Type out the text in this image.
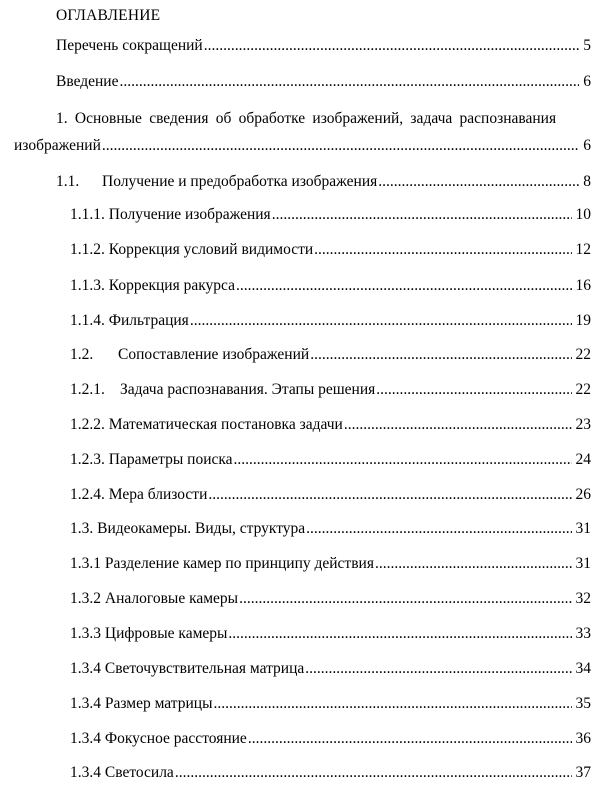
ОГЛАВЛЕНИЕ
Перечень сокращений .....	5
Введение .....	6
1. Основные сведения об обработке изображений, задача распознавания
изображений .....	6
1.1.	Получение и предобработка изображения .....	8
1.1.1. Получение изображения .....	10
1.1.2. Коррекция условий видимости .....	12
1.1.3. Коррекция ракурса .....	16
1.1.4. Фильтрация .....	19
1.2.	Сопоставление изображений .....	22
1.2.1. Задача распознавания. Этапы решения .....	22
1.2.2. Математическая постановка задачи .....	23
1.2.3. Параметры поиска .....	24
1.2.4. Мера близости .....	26
1.3. Видеокамеры. Виды, структура .....	31
1.3.1 Разделение камер по принципу действия .....	31
1.3.2 Аналоговые камеры .....	32
1.3.3 Цифровые камеры .....	33
1.3.4 Светочувствительная матрица .....	34
1.3.4 Размер матрицы .....	35
1.3.4 Фокусное расстояние .....	36
1.3.4 Светосила .....	37
